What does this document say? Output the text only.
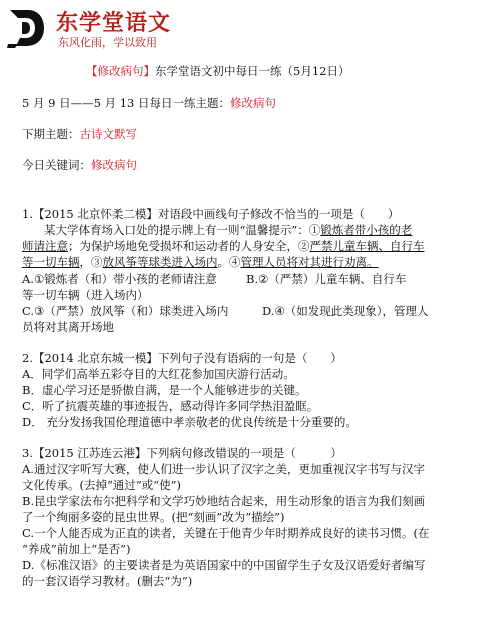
东学堂语文
东风化雨，学以致用
【修改病句】东学堂语文初中每日一练（5月12日）
5 月 9 日——5 月 13 日每日一练主题：修改病句
下期主题：古诗文默写
今日关键词：修改病句
1.【2015 北京怀柔二模】对语段中画线句子修改不恰当的一项是（　　）
某大学体育场入口处的提示牌上有一则“温馨提示”：①锻炼者带小孩的老
师请注意；为保护场地免受损坏和运动者的人身安全，②严禁儿童车辆、自行车
等一切车辆，③放风筝等球类进入场内。④管理人员将对其进行劝离。
A.①锻炼者（和）带小孩的老师请注意	B.②（严禁）儿童车辆、自行车
等一切车辆（进入场内）
C.③（严禁）放风筝（和）球类进入场内	D.④（如发现此类现象），管理人
员将对其离开场地
2.【2014 北京东城一模】下列句子没有语病的一句是（　　）
A．同学们高举五彩夺目的大红花参加国庆游行活动。
B．虚心学习还是骄傲自满，是一个人能够进步的关键。
C．听了抗震英雄的事迹报告，感动得许多同学热泪盈眶。
D． 充分发扬我国伦理道德中孝亲敬老的优良传统是十分重要的。
3.【2015 江苏连云港】下列病句修改错误的一项是（　　　）
A.通过汉字听写大赛，使人们进一步认识了汉字之美，更加重视汉字书写与汉字
文化传承。(去掉“通过”或“使”)
B.昆虫学家法布尔把科学和文学巧妙地结合起来，用生动形象的语言为我们刻画
了一个绚丽多姿的昆虫世界。(把“刻画”改为“描绘”)
C.一个人能否成为正直的读者，关键在于他青少年时期养成良好的读书习惯。(在
“养成”前加上“是否”)
D.《标准汉语》的主要读者是为英语国家中的中国留学生子女及汉语爱好者编写
的一套汉语学习教材。(删去“为”)
